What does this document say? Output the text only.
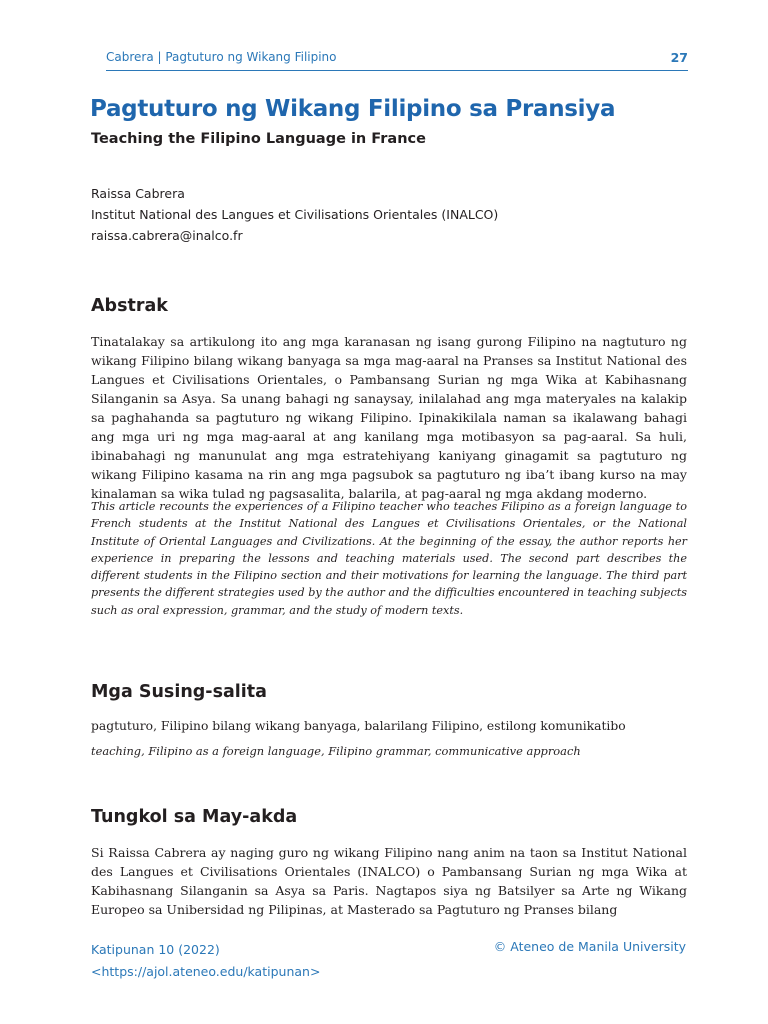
Cabrera | Pagtuturo ng Wikang Filipino	27
Pagtuturo ng Wikang Filipino sa Pransiya
Teaching the Filipino Language in France
Raissa Cabrera
Institut National des Langues et Civilisations Orientales (INALCO)
raissa.cabrera@inalco.fr
Abstrak

Tinatalakay sa artikulong ito ang mga karanasan ng isang gurong Filipino na nagtuturo ng wikang Filipino bilang wikang banyaga sa mga mag-aaral na Pranses sa Institut National des Langues et Civilisations Orientales, o Pambansang Surian ng mga Wika at Kabihasnang Silanganin sa Asya. Sa unang bahagi ng sanaysay, inilalahad ang mga materyales na kalakip sa paghahanda sa pagtuturo ng wikang Filipino. Ipinakikilala naman sa ikalawang bahagi ang mga uri ng mga mag-aaral at ang kanilang mga motibasyon sa pag-aaral. Sa huli, ibinabahagi ng manunulat ang mga estratehiyang kaniyang ginagamit sa pagtuturo ng wikang Filipino kasama na rin ang mga pagsubok sa pagtuturo ng iba’t ibang kurso na may kinalaman sa wika tulad ng pagsasalita, balarila, at pag-aaral ng mga akdang moderno.

This article recounts the experiences of a Filipino teacher who teaches Filipino as a foreign language to French students at the Institut National des Langues et Civilisations Orientales, or the National Institute of Oriental Languages and Civilizations. At the beginning of the essay, the author reports her experience in preparing the lessons and teaching materials used. The second part describes the different students in the Filipino section and their motivations for learning the language. The third part presents the different strategies used by the author and the difficulties encountered in teaching subjects such as oral expression, grammar, and the study of modern texts.

Mga Susing-salita

pagtuturo, Filipino bilang wikang banyaga, balarilang Filipino, estilong komunikatibo

teaching, Filipino as a foreign language, Filipino grammar, communicative approach

Tungkol sa May-akda

Si Raissa Cabrera ay naging guro ng wikang Filipino nang anim na taon sa Institut National des Langues et Civilisations Orientales (INALCO) o Pambansang Surian ng mga Wika at Kabihasnang Silanganin sa Asya sa Paris. Nagtapos siya ng Batsilyer sa Arte ng Wikang Europeo sa Unibersidad ng Pilipinas, at Masterado sa Pagtuturo ng Pranses bilang

Katipunan 10 (2022)
<https://ajol.ateneo.edu/katipunan>
© Ateneo de Manila University
